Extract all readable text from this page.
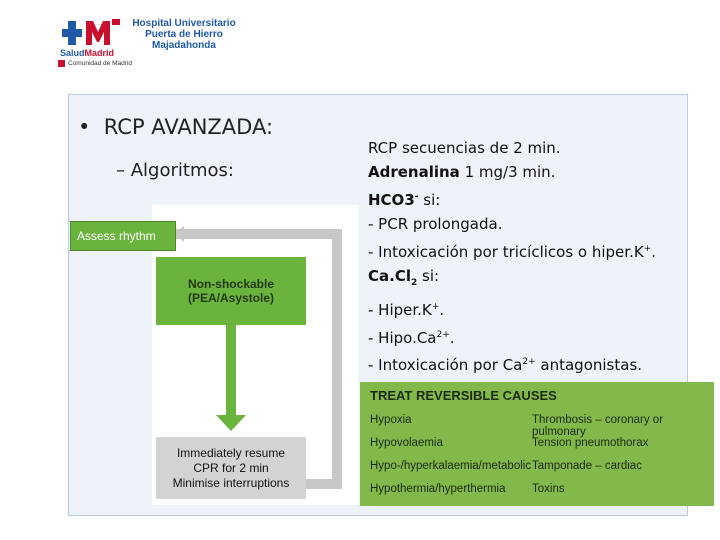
SaludMadrid
Hospital Universitario
Puerta de Hierro
Majadahonda
Comunidad de Madrid
•  RCP AVANZADA:
– Algoritmos:
Assess rhythm
Non-shockable
(PEA/Asystole)
Immediately resume
CPR for 2 min
Minimise interruptions
RCP secuencias de 2 min.
Adrenalina 1 mg/3 min.
HCO3- si:
- PCR prolongada.
- Intoxicación por tricíclicos o hiper.K+.
$Ca.Cl_2$ si:
- Hiper.K+.
- $Hipo.Ca^{2+}$.
- Intoxicación por $Ca^{2+}$ antagonistas.
TREAT REVERSIBLE CAUSES
Hypoxia
Hypovolaemia
Hypo-/hyperkalaemia/metabolic
Hypothermia/hyperthermia
Thrombosis – coronary or pulmonary
Tension pneumothorax
Tamponade – cardiac
Toxins
